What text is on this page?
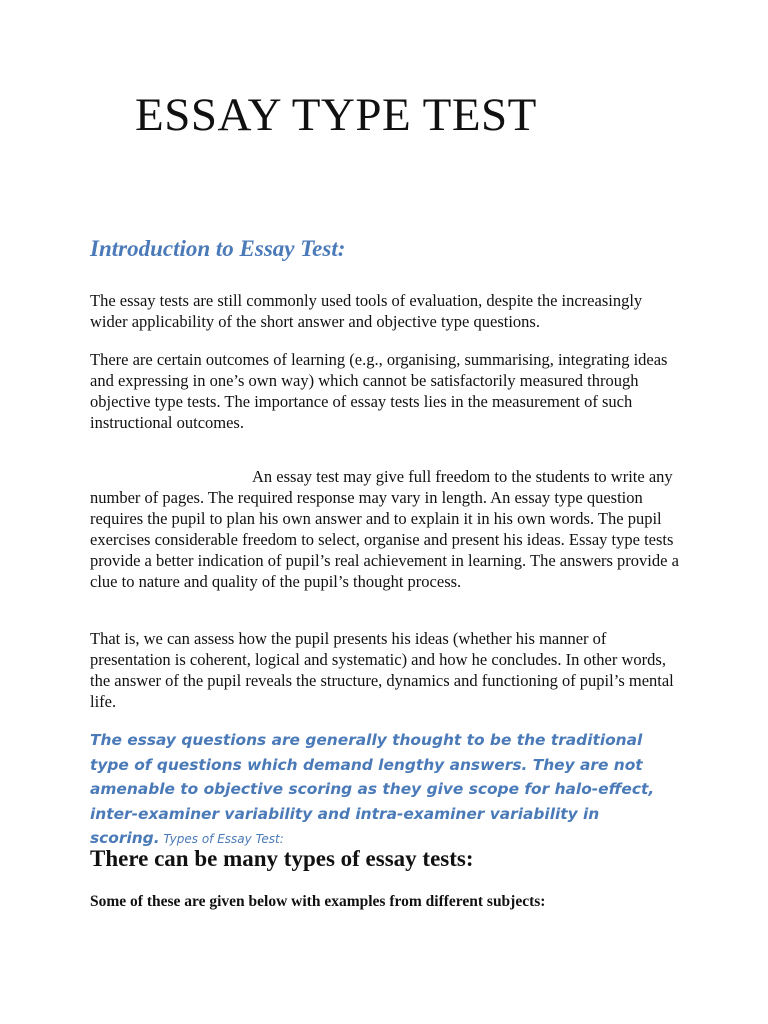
ESSAY TYPE TEST
Introduction to Essay Test:

The essay tests are still commonly used tools of evaluation, despite the increasingly wider applicability of the short answer and objective type questions.

There are certain outcomes of learning (e.g., organising, summarising, integrating ideas and expressing in one’s own way) which cannot be satisfactorily measured through objective type tests. The importance of essay tests lies in the measurement of such instructional outcomes.

An essay test may give full freedom to the students to write any number of pages. The required response may vary in length. An essay type question requires the pupil to plan his own answer and to explain it in his own words. The pupil exercises considerable freedom to select, organise and present his ideas. Essay type tests provide a better indication of pupil’s real achievement in learning. The answers provide a clue to nature and quality of the pupil’s thought process.

That is, we can assess how the pupil presents his ideas (whether his manner of presentation is coherent, logical and systematic) and how he concludes. In other words, the answer of the pupil reveals the structure, dynamics and functioning of pupil’s mental life.

The essay questions are generally thought to be the traditional type of questions which demand lengthy answers. They are not amenable to objective scoring as they give scope for halo-effect, inter-examiner variability and intra-examiner variability in scoring. Types of Essay Test:

There can be many types of essay tests:

Some of these are given below with examples from different subjects:
